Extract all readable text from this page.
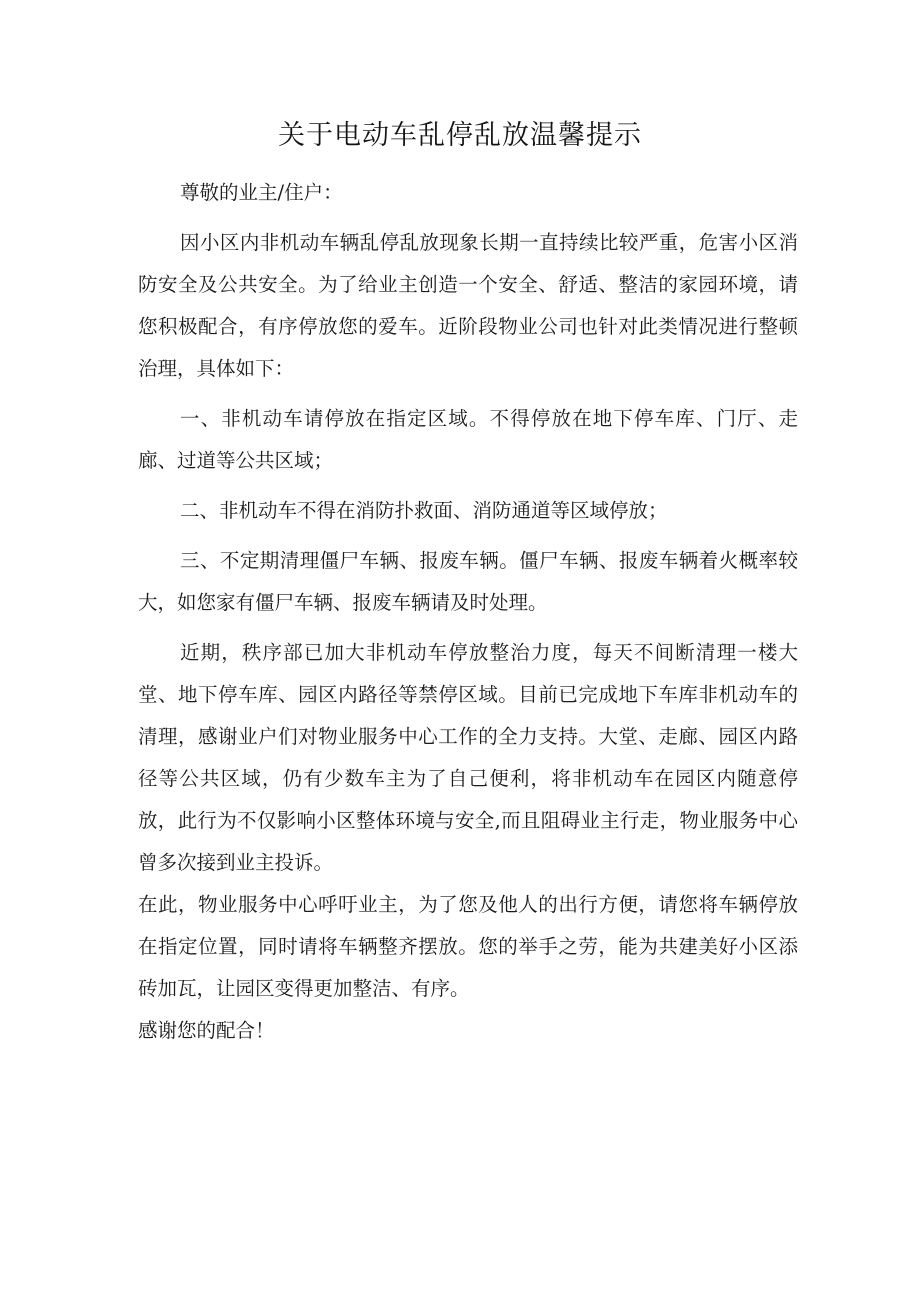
关于电动车乱停乱放温馨提示

尊敬的业主/住户：

因小区内非机动车辆乱停乱放现象长期一直持续比较严重，危害小区消防安全及公共安全。为了给业主创造一个安全、舒适、整洁的家园环境，请您积极配合，有序停放您的爱车。近阶段物业公司也针对此类情况进行整顿治理，具体如下：

一、非机动车请停放在指定区域。不得停放在地下停车库、门厅、走廊、过道等公共区域；

二、非机动车不得在消防扑救面、消防通道等区域停放；

三、不定期清理僵尸车辆、报废车辆。僵尸车辆、报废车辆着火概率较大，如您家有僵尸车辆、报废车辆请及时处理。

近期，秩序部已加大非机动车停放整治力度，每天不间断清理一楼大堂、地下停车库、园区内路径等禁停区域。目前已完成地下车库非机动车的清理，感谢业户们对物业服务中心工作的全力支持。大堂、走廊、园区内路径等公共区域，仍有少数车主为了自己便利，将非机动车在园区内随意停放，此行为不仅影响小区整体环境与安全,而且阻碍业主行走，物业服务中心曾多次接到业主投诉。

在此，物业服务中心呼吁业主，为了您及他人的出行方便，请您将车辆停放在指定位置，同时请将车辆整齐摆放。您的举手之劳，能为共建美好小区添砖加瓦，让园区变得更加整洁、有序。

感谢您的配合！
